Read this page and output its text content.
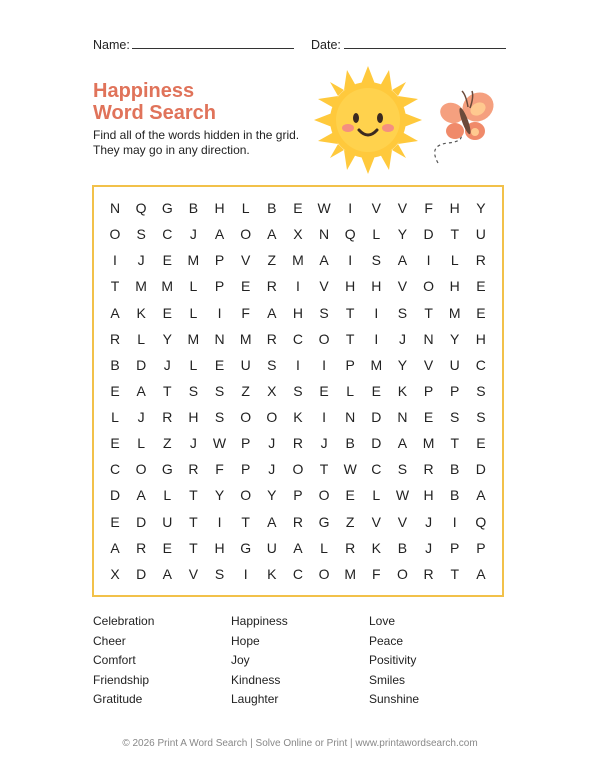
Name:	Date:
Happiness
Word Search
Find all of the words hidden in the grid.
They may go in any direction.
N	Q	G	B	H	L	B	E	W	I	V	V	F	H	Y
O	S	C	J	A	O	A	X	N	Q	L	Y	D	T	U
I	J	E	M	P	V	Z	M	A	I	S	A	I	L	R
T	M	M	L	P	E	R	I	V	H	H	V	O	H	E
A	K	E	L	I	F	A	H	S	T	I	S	T	M	E
R	L	Y	M	N	M	R	C	O	T	I	J	N	Y	H
B	D	J	L	E	U	S	I	I	P	M	Y	V	U	C
E	A	T	S	S	Z	X	S	E	L	E	K	P	P	S
L	J	R	H	S	O	O	K	I	N	D	N	E	S	S
E	L	Z	J	W	P	J	R	J	B	D	A	M	T	E
C	O	G	R	F	P	J	O	T	W	C	S	R	B	D
D	A	L	T	Y	O	Y	P	O	E	L	W	H	B	A
E	D	U	T	I	T	A	R	G	Z	V	V	J	I	Q
A	R	E	T	H	G	U	A	L	R	K	B	J	P	P
X	D	A	V	S	I	K	C	O	M	F	O	R	T	A
Celebration
Cheer
Comfort
Friendship
Gratitude
Happiness
Hope
Joy
Kindness
Laughter
Love
Peace
Positivity
Smiles
Sunshine
© 2026 Print A Word Search | Solve Online or Print | www.printawordsearch.com
